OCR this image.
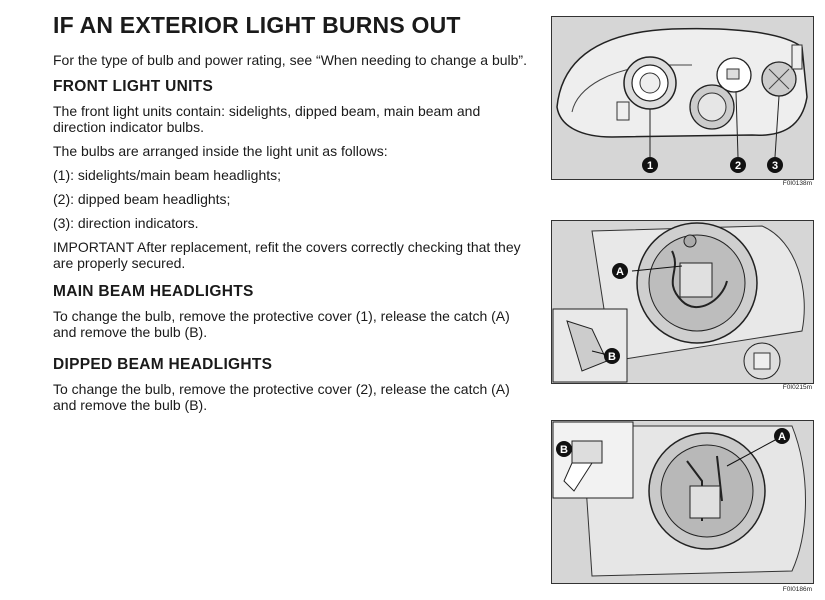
IF AN EXTERIOR LIGHT BURNS OUT
For the type of bulb and power rating, see “When needing to change a bulb”.
FRONT LIGHT UNITS
The front light units contain: sidelights, dipped beam, main beam and direction indicator bulbs.
The bulbs are arranged inside the light unit as follows:
(1): sidelights/main beam headlights;
(2): dipped beam headlights;
(3): direction indicators.
IMPORTANT After replacement, refit the covers correctly checking that they are properly secured.
MAIN BEAM HEADLIGHTS
To change the bulb, remove the protective cover (1), release the catch (A) and remove the bulb (B).
DIPPED BEAM HEADLIGHTS
To change the bulb, remove the protective cover (2), release the catch (A) and remove the bulb (B).
1	2	3
F0I0138m
A
B
F0I0215m
A
B
F0I0186m
